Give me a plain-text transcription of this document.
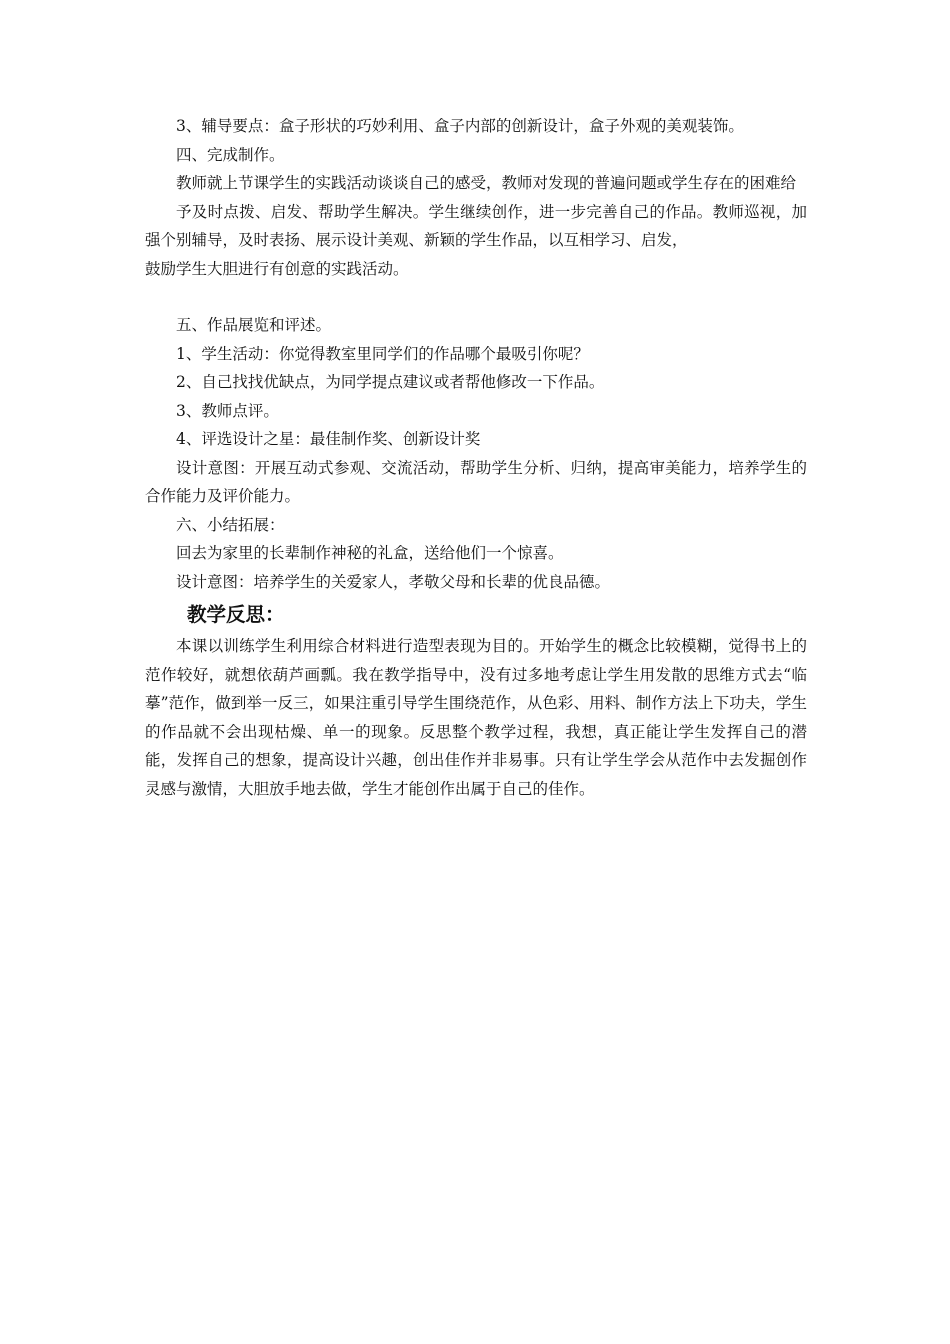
3、辅导要点：盒子形状的巧妙利用、盒子内部的创新设计，盒子外观的美观装饰。

四、完成制作。

教师就上节课学生的实践活动谈谈自己的感受，教师对发现的普遍问题或学生存在的困难给

予及时点拨、启发、帮助学生解决。学生继续创作，进一步完善自己的作品。教师巡视，加强个别辅导，及时表扬、展示设计美观、新颖的学生作品，以互相学习、启发，

鼓励学生大胆进行有创意的实践活动。

五、作品展览和评述。

1、学生活动：你觉得教室里同学们的作品哪个最吸引你呢？

2、自己找找优缺点，为同学提点建议或者帮他修改一下作品。

3、教师点评。

4、评选设计之星：最佳制作奖、创新设计奖

设计意图：开展互动式参观、交流活动，帮助学生分析、归纳，提高审美能力，培养学生的合作能力及评价能力。

六、小结拓展：

回去为家里的长辈制作神秘的礼盒，送给他们一个惊喜。

设计意图：培养学生的关爱家人，孝敬父母和长辈的优良品德。

教学反思：

本课以训练学生利用综合材料进行造型表现为目的。开始学生的概念比较模糊，觉得书上的范作较好，就想依葫芦画瓢。我在教学指导中，没有过多地考虑让学生用发散的思维方式去“临摹”范作，做到举一反三，如果注重引导学生围绕范作，从色彩、用料、制作方法上下功夫，学生的作品就不会出现枯燥、单一的现象。反思整个教学过程，我想，真正能让学生发挥自己的潜能，发挥自己的想象，提高设计兴趣，创出佳作并非易事。只有让学生学会从范作中去发掘创作灵感与激情，大胆放手地去做，学生才能创作出属于自己的佳作。
